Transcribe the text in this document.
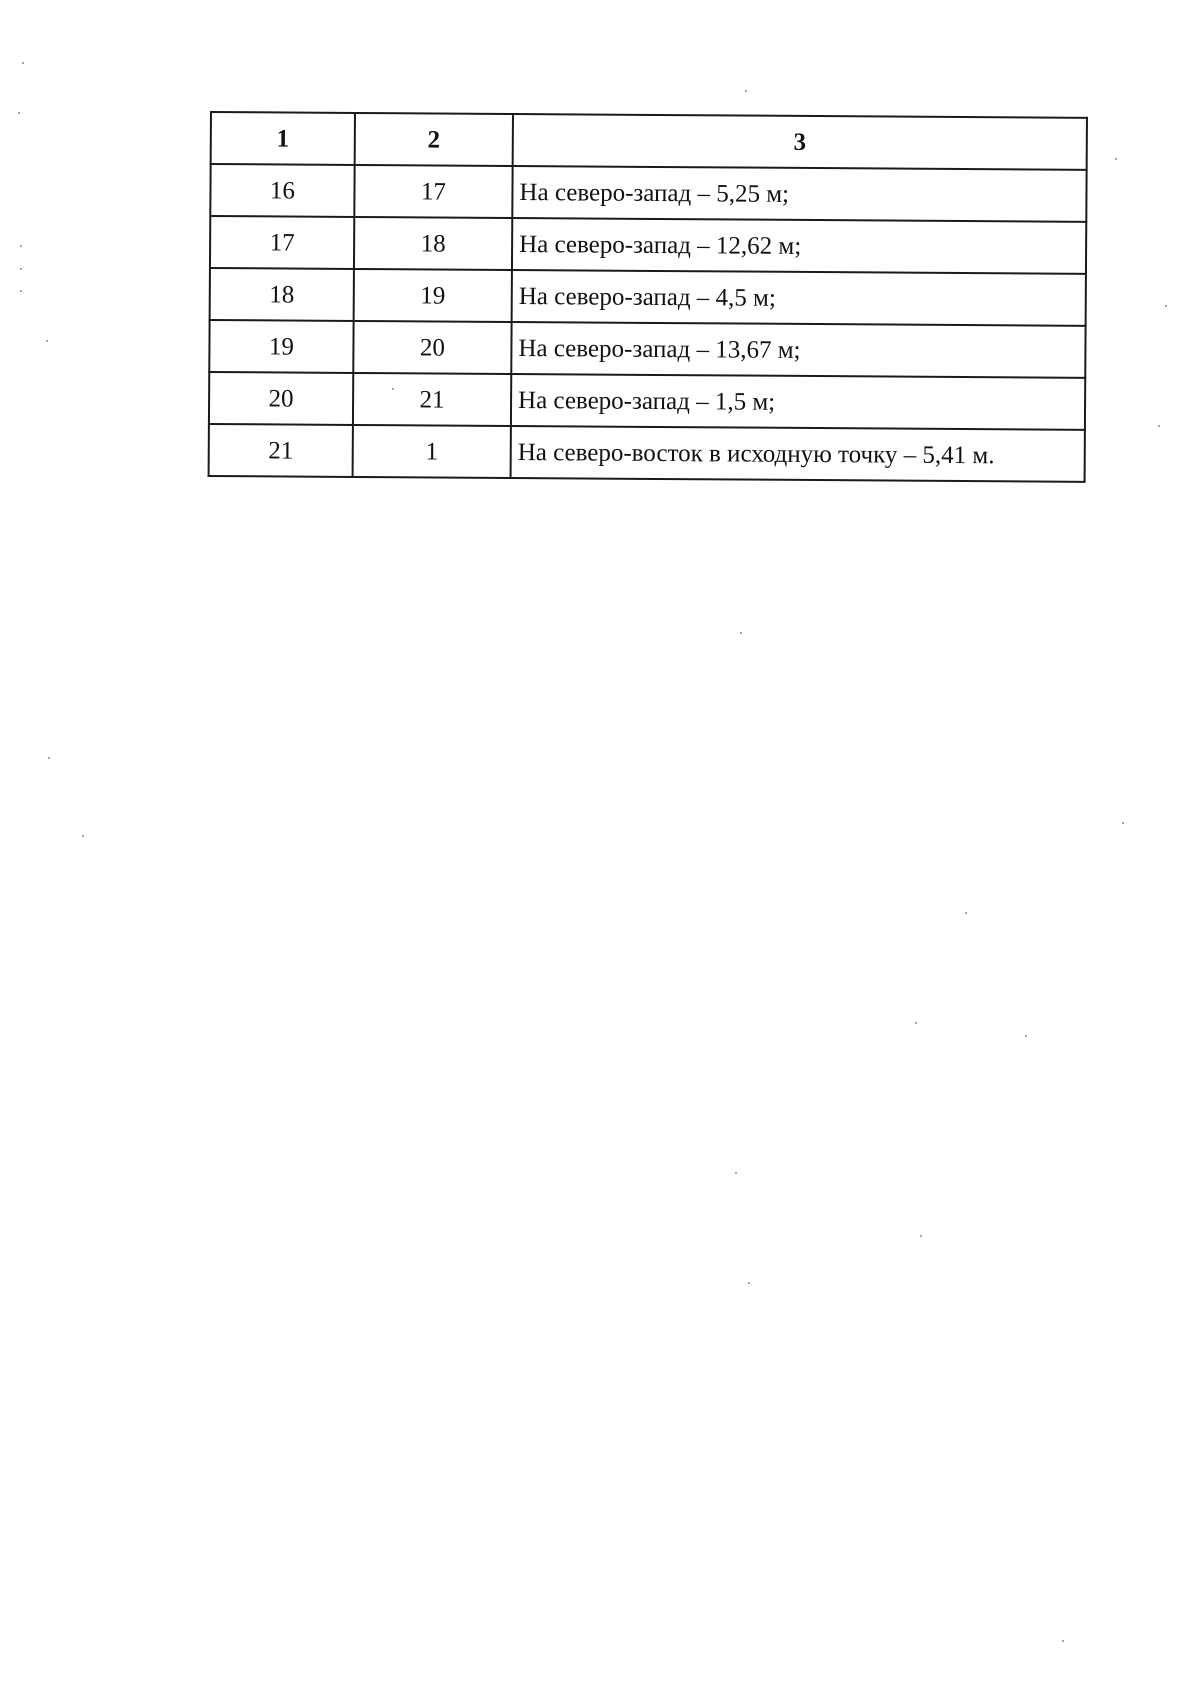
1	2	3
16	17	На северо-запад – 5,25 м;
17	18	На северо-запад – 12,62 м;
18	19	На северо-запад – 4,5 м;
19	20	На северо-запад – 13,67 м;
20	21	На северо-запад – 1,5 м;
21	1	На северо-восток в исходную точку – 5,41 м.
